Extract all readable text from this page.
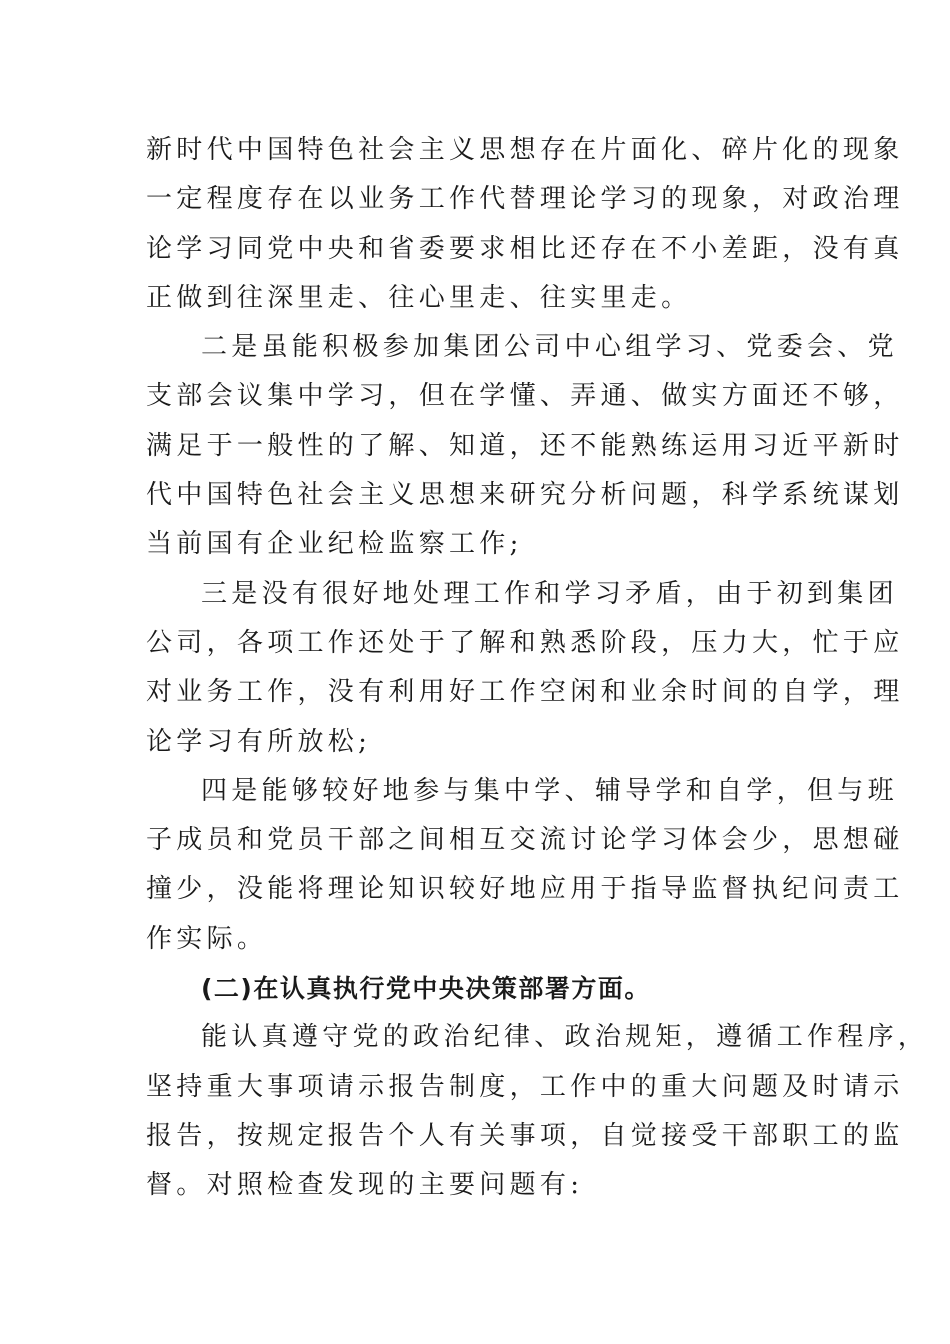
新时代中国特色社会主义思想存在片面化、碎片化的现象
一定程度存在以业务工作代替理论学习的现象，对政治理
论学习同党中央和省委要求相比还存在不小差距，没有真
正做到往深里走、往心里走、往实里走。
二是虽能积极参加集团公司中心组学习、党委会、党
支部会议集中学习，但在学懂、弄通、做实方面还不够，
满足于一般性的了解、知道，还不能熟练运用习近平新时
代中国特色社会主义思想来研究分析问题，科学系统谋划
当前国有企业纪检监察工作;
三是没有很好地处理工作和学习矛盾，由于初到集团
公司，各项工作还处于了解和熟悉阶段，压力大，忙于应
对业务工作，没有利用好工作空闲和业余时间的自学，理
论学习有所放松;
四是能够较好地参与集中学、辅导学和自学，但与班
子成员和党员干部之间相互交流讨论学习体会少，思想碰
撞少，没能将理论知识较好地应用于指导监督执纪问责工
作实际。
(二)在认真执行党中央决策部署方面。
能认真遵守党的政治纪律、政治规矩，遵循工作程序，
坚持重大事项请示报告制度，工作中的重大问题及时请示
报告，按规定报告个人有关事项，自觉接受干部职工的监
督。对照检查发现的主要问题有:
